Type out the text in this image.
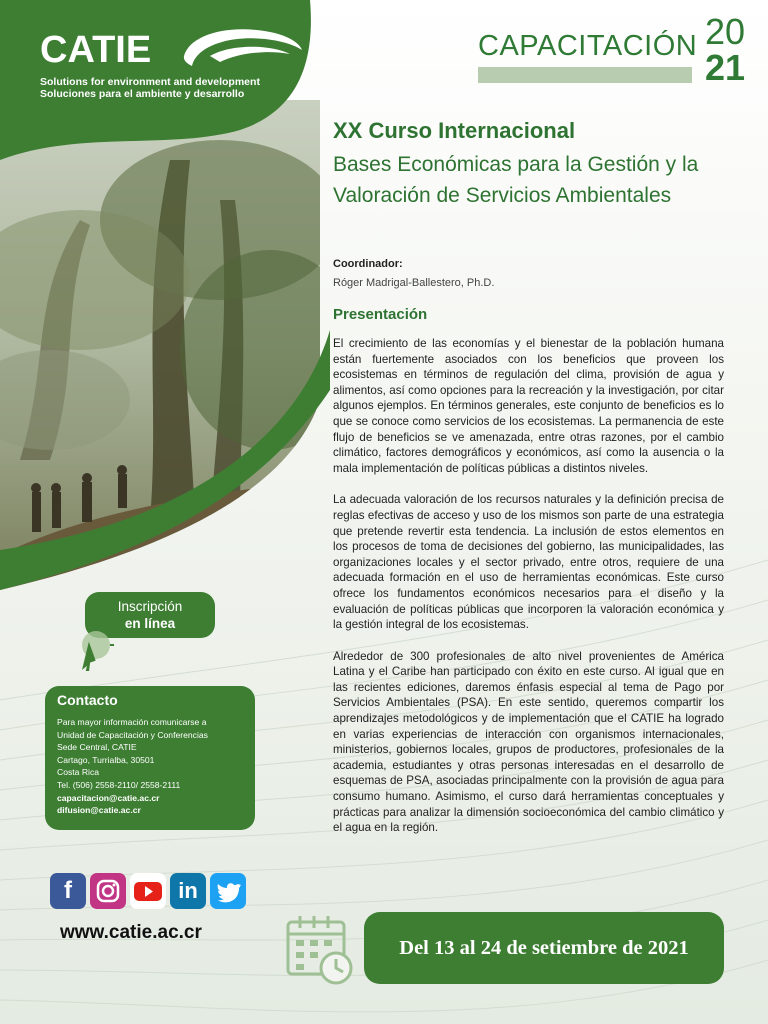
CATIE
Solutions for environment and development
Soluciones para el ambiente y desarrollo
CAPACITACIÓN 20
21
XX Curso Internacional
Bases Económicas para la Gestión y la Valoración de Servicios Ambientales
Coordinador:
Róger Madrigal-Ballestero, Ph.D.
Presentación

El crecimiento de las economías y el bienestar de la población humana están fuertemente asociados con los beneficios que proveen los ecosistemas en términos de regulación del clima, provisión de agua y alimentos, así como opciones para la recreación y la investigación, por citar algunos ejemplos. En términos generales, este conjunto de beneficios es lo que se conoce como servicios de los ecosistemas. La permanencia de este flujo de beneficios se ve amenazada, entre otras razones, por el cambio climático, factores demográficos y económicos, así como la ausencia o la mala implementación de políticas públicas a distintos niveles.

La adecuada valoración de los recursos naturales y la definición precisa de reglas efectivas de acceso y uso de los mismos son parte de una estrategia que pretende revertir esta tendencia. La inclusión de estos elementos en los procesos de toma de decisiones del gobierno, las municipalidades, las organizaciones locales y el sector privado, entre otros, requiere de una adecuada formación en el uso de herramientas económicas. Este curso ofrece los fundamentos económicos necesarios para el diseño y la evaluación de políticas públicas que incorporen la valoración económica y la gestión integral de los ecosistemas.

Alrededor de 300 profesionales de alto nivel provenientes de América Latina y el Caribe han participado con éxito en este curso. Al igual que en las recientes ediciones, daremos énfasis especial al tema de Pago por Servicios Ambientales (PSA). En este sentido, queremos compartir los aprendizajes metodológicos y de implementación que el CATIE ha logrado en varias experiencias de interacción con organismos internacionales, ministerios, gobiernos locales, grupos de productores, profesionales de la academia, estudiantes y otras personas interesadas en el desarrollo de esquemas de PSA, asociadas principalmente con la provisión de agua para consumo humano. Asimismo, el curso dará herramientas conceptuales y prácticas para analizar la dimensión socioeconómica del cambio climático y el agua en la región.

Inscripción
en línea
Contacto
Para mayor información comunicarse a
Unidad de Capacitación y Conferencias
Sede Central, CATIE
Cartago, Turrialba, 30501
Costa Rica
Tel. (506) 2558-2110/ 2558-2111
capacitacion@catie.ac.cr
difusion@catie.ac.cr
f	in
www.catie.ac.cr
Del 13 al 24 de setiembre de 2021
